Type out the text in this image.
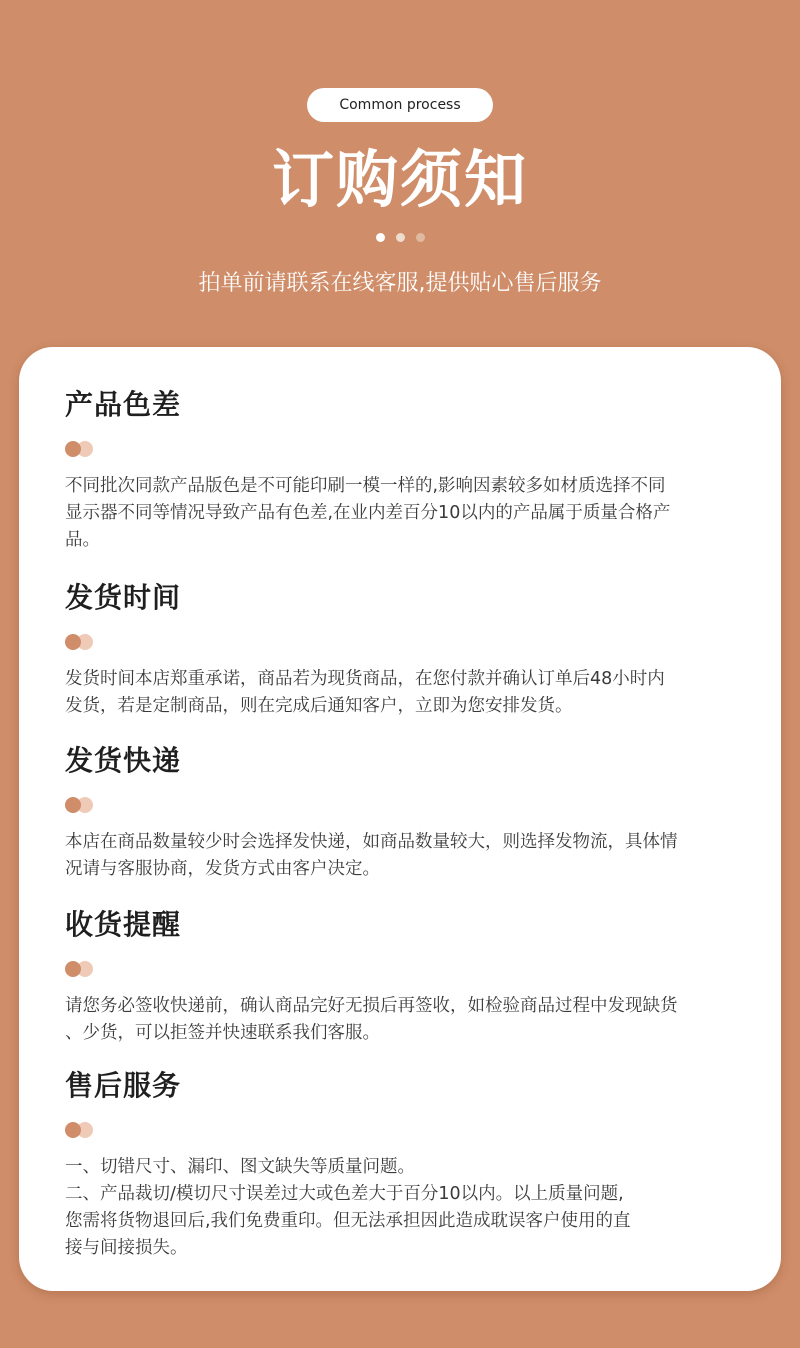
Common process
订购须知
拍单前请联系在线客服,提供贴心售后服务
产品色差
不同批次同款产品版色是不可能印刷一模一样的,影响因素较多如材质选择不同
显示器不同等情况导致产品有色差,在业内差百分10以内的产品属于质量合格产
品。
发货时间
发货时间本店郑重承诺，商品若为现货商品，在您付款并确认订单后48小时内
发货，若是定制商品，则在完成后通知客户，立即为您安排发货。
发货快递
本店在商品数量较少时会选择发快递，如商品数量较大，则选择发物流，具体情
况请与客服协商，发货方式由客户决定。
收货提醒
请您务必签收快递前，确认商品完好无损后再签收，如检验商品过程中发现缺货
、少货，可以拒签并快速联系我们客服。
售后服务
一、切错尺寸、漏印、图文缺失等质量问题。
二、产品裁切/模切尺寸误差过大或色差大于百分10以内。以上质量问题,
您需将货物退回后,我们免费重印。但无法承担因此造成耽误客户使用的直
接与间接损失。
